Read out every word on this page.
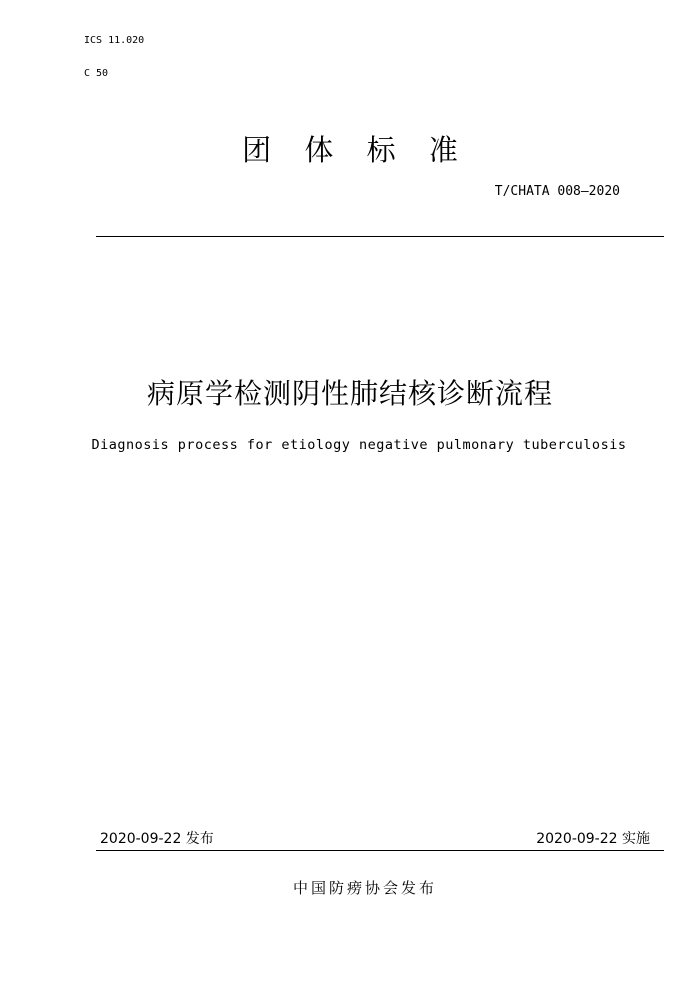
ICS 11.020
C 50
团 体 标 准
T/CHATA 008—2020
病原学检测阴性肺结核诊断流程
Diagnosis process for etiology negative pulmonary tuberculosis
2020-09-22 发布	2020-09-22 实施
中国防痨协会发布
